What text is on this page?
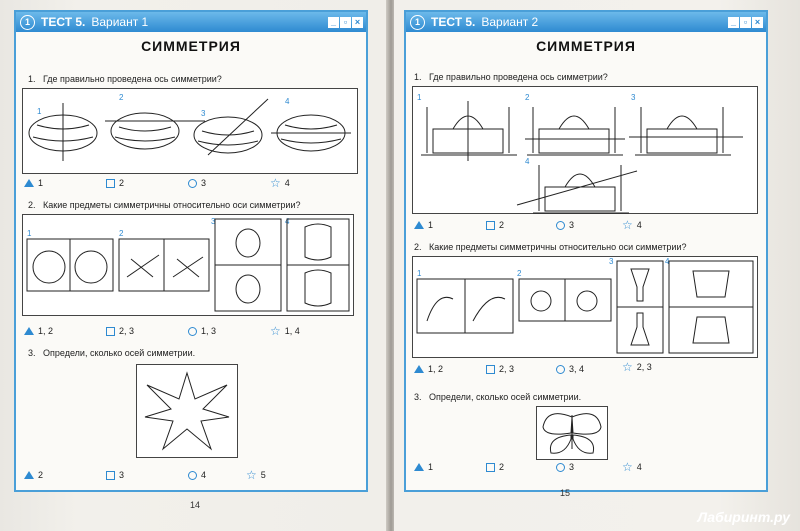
1 ТЕСТ 5. Вариант 1	_ ▫ ×
СИММЕТРИЯ
1. Где правильно проведена ось симметрии?
1
2
3
4
1	2	3	☆ 4
2. Какие предметы симметричны относительно оси симметрии?
1	2
3	4
1, 2	2, 3	1, 3	☆ 1, 4
3. Определи, сколько осей симметрии.
2	3	4	☆ 5
14
1 ТЕСТ 5. Вариант 2	_ ▫ ×
СИММЕТРИЯ
1. Где правильно проведена ось симметрии?
1	2	3
4
1	2	3	☆ 4
2. Какие предметы симметричны относительно оси симметрии?
1	2
3	4
1, 2	2, 3	3, 4	☆ 2, 3
3. Определи, сколько осей симметрии.
1	2	3	☆ 4
15
Лабиринт.ру
